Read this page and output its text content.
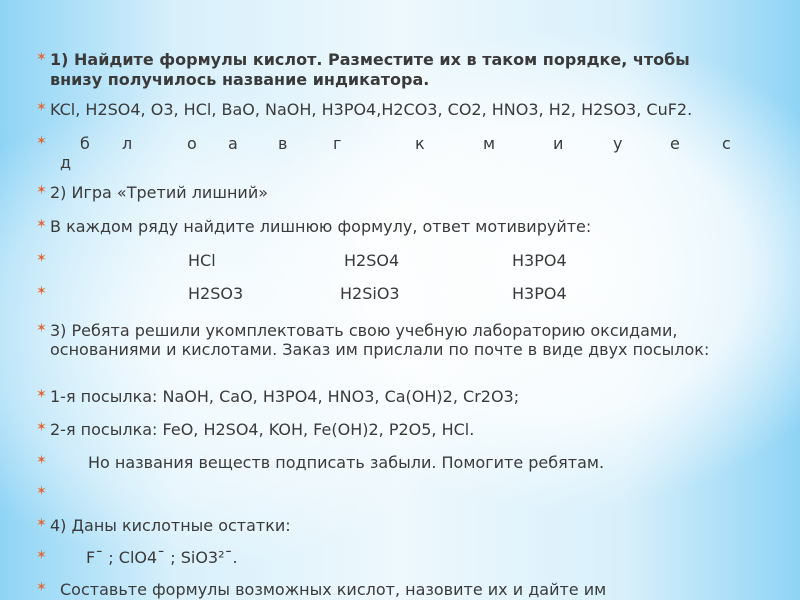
✶ 1) Найдите формулы кислот. Разместите их в таком порядке, чтобы
внизу получилось название индикатора.
✶ KCl, H2SO4, O3, HCl, BaO, NaOH, H3PO4,H2CO3, CO2, HNO3, H2, H2SO3, CuF2.
✶ б л	о а	в	г	к	м	и	у	е	с
д
✶ 2) Игра «Третий лишний»
✶ В каждом ряду найдите лишнюю формулу, ответ мотивируйте:
✶	HCl	H2SO4	H3PO4
✶	H2SO3	H2SiO3	H3PO4
✶ 3) Ребята решили укомплектовать свою учебную лабораторию оксидами, основаниями и кислотами. Заказ им прислали по почте в виде двух посылок:
✶ 1-я посылка: NaOH, CaO, H3PO4, HNO3, Ca(OH)2, Cr2O3;
✶ 2-я посылка: FeO, H2SO4, KOH, Fe(OH)2, P2O5, HCl.
✶	Но названия веществ подписать забыли. Помогите ребятам.
✶
✶ 4) Даны кислотные остатки:
✶ F¯ ; ClO4¯ ; SiO3²¯.
✶ Составьте формулы возможных кислот, назовите их и дайте им
